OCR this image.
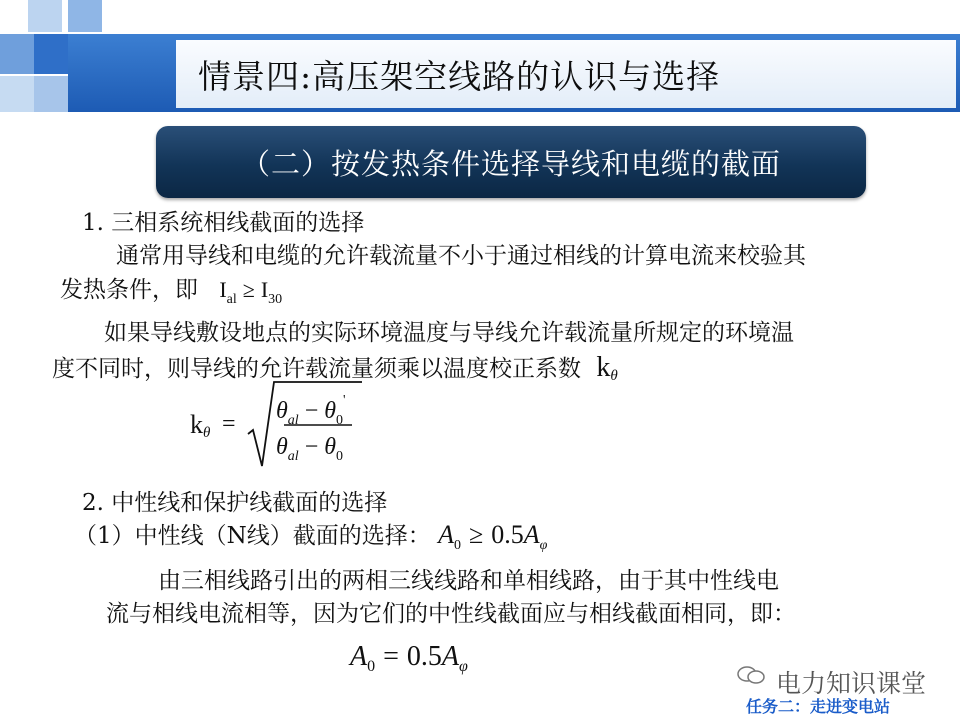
情景四:高压架空线路的认识与选择
（二）按发热条件选择导线和电缆的截面
1. 三相系统相线截面的选择
通常用导线和电缆的允许载流量不小于通过相线的计算电流来校验其
发热条件，即 $I_{al} \ge I_{30}$
如果导线敷设地点的实际环境温度与导线允许载流量所规定的环境温
度不同时，则导线的允许载流量须乘以温度校正系数 kθ
$k\theta = \theta_{al} - \theta_0'$
$\theta_{al} - \theta_0$
2. 中性线和保护线截面的选择
（1）中性线（N线）截面的选择： $A_0 \ge 0.5A_\varphi$
由三相线路引出的两相三线线路和单相线路，由于其中性线电
流与相线电流相等，因为它们的中性线截面应与相线截面相同，即：
$A_0 = 0.5A_\varphi$
电力知识课堂
任务二：走进变电站
